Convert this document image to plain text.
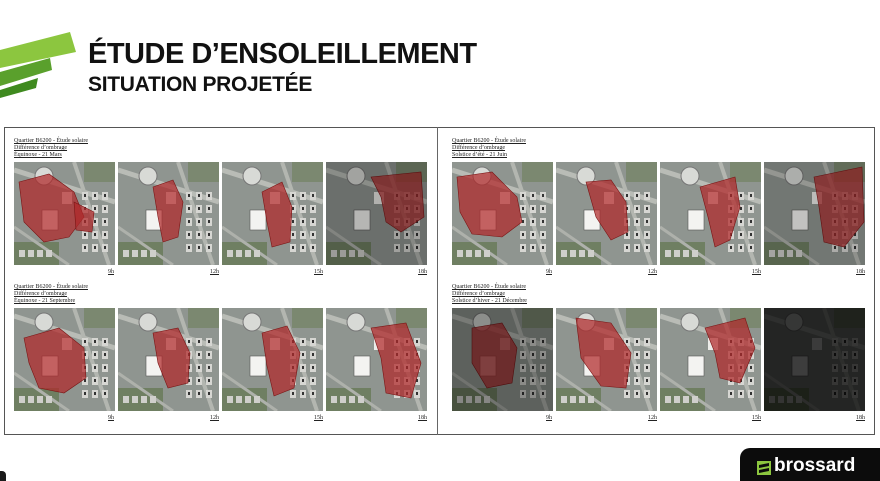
ÉTUDE D’ENSOLEILLEMENT
SITUATION PROJETÉE
Quartier B6200 - Étude solaire
Différence d’ombrage
Équinoxe - 21 Mars
9h	12h	15h	18h
Quartier B6200 - Étude solaire
Différence d’ombrage
Solstice d’été - 21 Juin
9h	12h	15h	18h
Quartier B6200 - Étude solaire
Différence d’ombrage
Équinoxe - 21 Septembre
9h	12h	15h	18h
Quartier B6200 - Étude solaire
Différence d’ombrage
Solstice d’hiver - 21 Décembre
9h	12h	15h	18h
brossard
